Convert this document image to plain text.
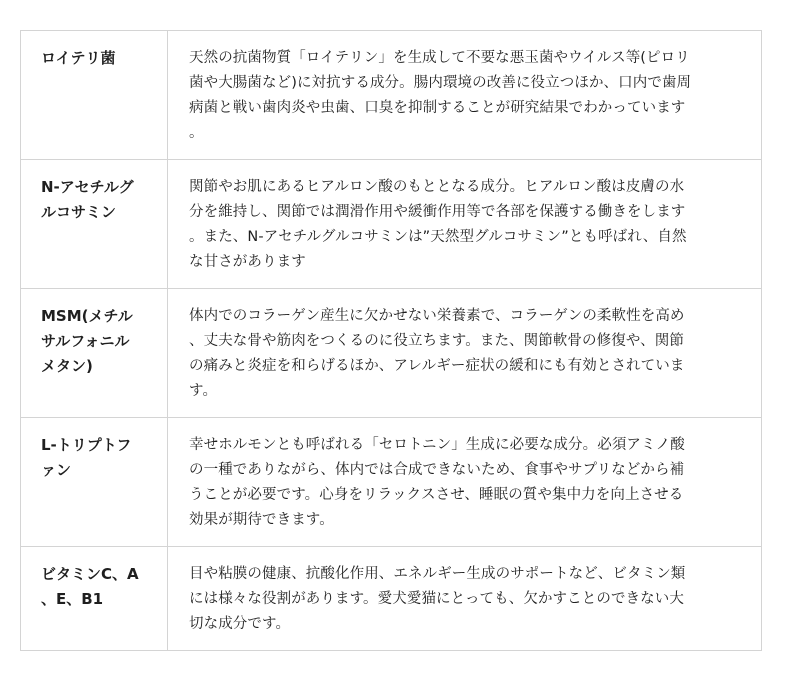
ロイテリ菌	天然の抗菌物質「ロイテリン」を生成して不要な悪玉菌やウイルス等(ピロリ
菌や大腸菌など)に対抗する成分。腸内環境の改善に役立つほか、口内で歯周
病菌と戦い歯肉炎や虫歯、口臭を抑制することが研究結果でわかっています
。
N-アセチルグ
ルコサミン
関節やお肌にあるヒアルロン酸のもととなる成分。ヒアルロン酸は皮膚の水
分を維持し、関節では潤滑作用や緩衝作用等で各部を保護する働きをします
。また、N-アセチルグルコサミンは”天然型グルコサミン”とも呼ばれ、自然
な甘さがあります
MSM(メチル
サルフォニル
メタン)
体内でのコラーゲン産生に欠かせない栄養素で、コラーゲンの柔軟性を高め
、丈夫な骨や筋肉をつくるのに役立ちます。また、関節軟骨の修復や、関節
の痛みと炎症を和らげるほか、アレルギー症状の緩和にも有効とされていま
す。
L-トリプトフ
ァン
幸せホルモンとも呼ばれる「セロトニン」生成に必要な成分。必須アミノ酸
の一種でありながら、体内では合成できないため、食事やサプリなどから補
うことが必要です。心身をリラックスさせ、睡眠の質や集中力を向上させる
効果が期待できます。
ビタミンC、A
、E、B1
目や粘膜の健康、抗酸化作用、エネルギー生成のサポートなど、ビタミン類
には様々な役割があります。愛犬愛猫にとっても、欠かすことのできない大
切な成分です。
